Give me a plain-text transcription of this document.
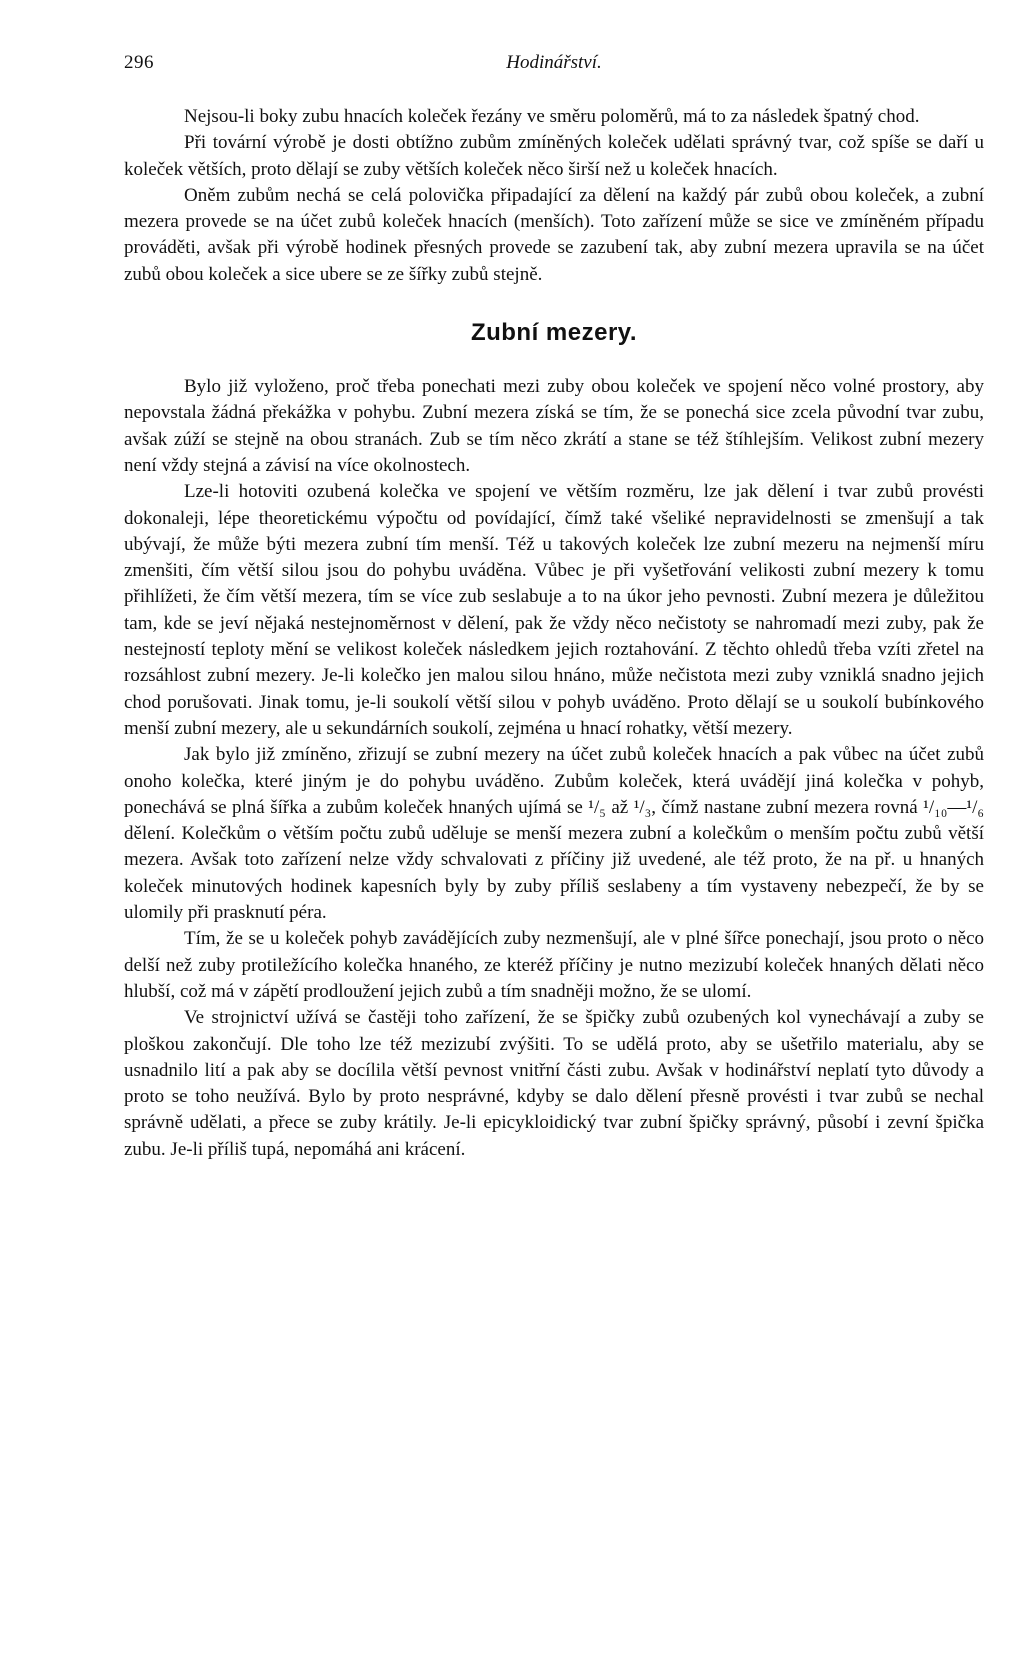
296	Hodinářství.

Nejsou-li boky zubu hnacích koleček řezány ve směru poloměrů, má to za následek špatný chod.

Při tovární výrobě je dosti obtížno zubům zmíněných koleček udělati správný tvar, což spíše se daří u koleček větších, proto dělají se zuby větších koleček něco širší než u koleček hnacích.

Oněm zubům nechá se celá polovička připadající za dělení na každý pár zubů obou koleček, a zubní mezera provede se na účet zubů koleček hnacích (menších). Toto zařízení může se sice ve zmíněném případu prováděti, avšak při výrobě hodinek přesných provede se zazubení tak, aby zubní mezera upravila se na účet zubů obou koleček a sice ubere se ze šířky zubů stejně.

Zubní mezery.

Bylo již vyloženo, proč třeba ponechati mezi zuby obou koleček ve spojení něco volné prostory, aby nepovstala žádná překážka v pohybu. Zubní mezera získá se tím, že se ponechá sice zcela původní tvar zubu, avšak zúží se stejně na obou stranách. Zub se tím něco zkrátí a stane se též štíhlejším. Velikost zubní mezery není vždy stejná a závisí na více okolnostech.

Lze-li hotoviti ozubená kolečka ve spojení ve větším rozměru, lze jak dělení i tvar zubů provésti dokonaleji, lépe theoretickému výpočtu od povídající, čímž také všeliké nepravidelnosti se zmenšují a tak ubývají, že může býti mezera zubní tím menší. Též u takových koleček lze zubní mezeru na nejmenší míru zmenšiti, čím větší silou jsou do pohybu uváděna. Vůbec je při vyšetřování velikosti zubní mezery k tomu přihlížeti, že čím větší mezera, tím se více zub seslabuje a to na úkor jeho pevnosti. Zubní mezera je důležitou tam, kde se jeví nějaká nestejnoměrnost v dělení, pak že vždy něco nečistoty se nahromadí mezi zuby, pak že nestejností teploty mění se velikost koleček následkem jejich roztahování. Z těchto ohledů třeba vzíti zřetel na rozsáhlost zubní mezery. Je-li kolečko jen malou silou hnáno, může nečistota mezi zuby vzniklá snadno jejich chod porušovati. Jinak tomu, je-li soukolí větší silou v pohyb uváděno. Proto dělají se u soukolí bubínkového menší zubní mezery, ale u sekundárních soukolí, zejména u hnací rohatky, větší mezery.

Jak bylo již zmíněno, zřizují se zubní mezery na účet zubů koleček hnacích a pak vůbec na účet zubů onoho kolečka, které jiným je do pohybu uváděno. Zubům koleček, která uvádějí jiná kolečka v pohyb, ponechává se plná šířka a zubům koleček hnaných ujímá se ¹/₅ až ¹/₃, čímž nastane zubní mezera rovná ¹/₁₀—¹/₆ dělení. Kolečkům o větším počtu zubů uděluje se menší mezera zubní a kolečkům o menším počtu zubů větší mezera. Avšak toto zařízení nelze vždy schvalovati z příčiny již uvedené, ale též proto, že na př. u hnaných koleček minutových hodinek kapesních byly by zuby příliš seslabeny a tím vystaveny nebezpečí, že by se ulomily při prasknutí péra.

Tím, že se u koleček pohyb zavádějících zuby nezmenšují, ale v plné šířce ponechají, jsou proto o něco delší než zuby protiležícího kolečka hnaného, ze kteréž příčiny je nutno mezizubí koleček hnaných dělati něco hlubší, což má v zápětí prodloužení jejich zubů a tím snadněji možno, že se ulomí.

Ve strojnictví užívá se častěji toho zařízení, že se špičky zubů ozubených kol vynechávají a zuby se ploškou zakončují. Dle toho lze též mezizubí zvýšiti. To se udělá proto, aby se ušetřilo materialu, aby se usnadnilo lití a pak aby se docílila větší pevnost vnitřní části zubu. Avšak v hodinářství neplatí tyto důvody a proto se toho neužívá. Bylo by proto nesprávné, kdyby se dalo dělení přesně provésti i tvar zubů se nechal správně udělati, a přece se zuby krátily. Je-li epicykloidický tvar zubní špičky správný, působí i zevní špička zubu. Je-li příliš tupá, nepomáhá ani krácení.
